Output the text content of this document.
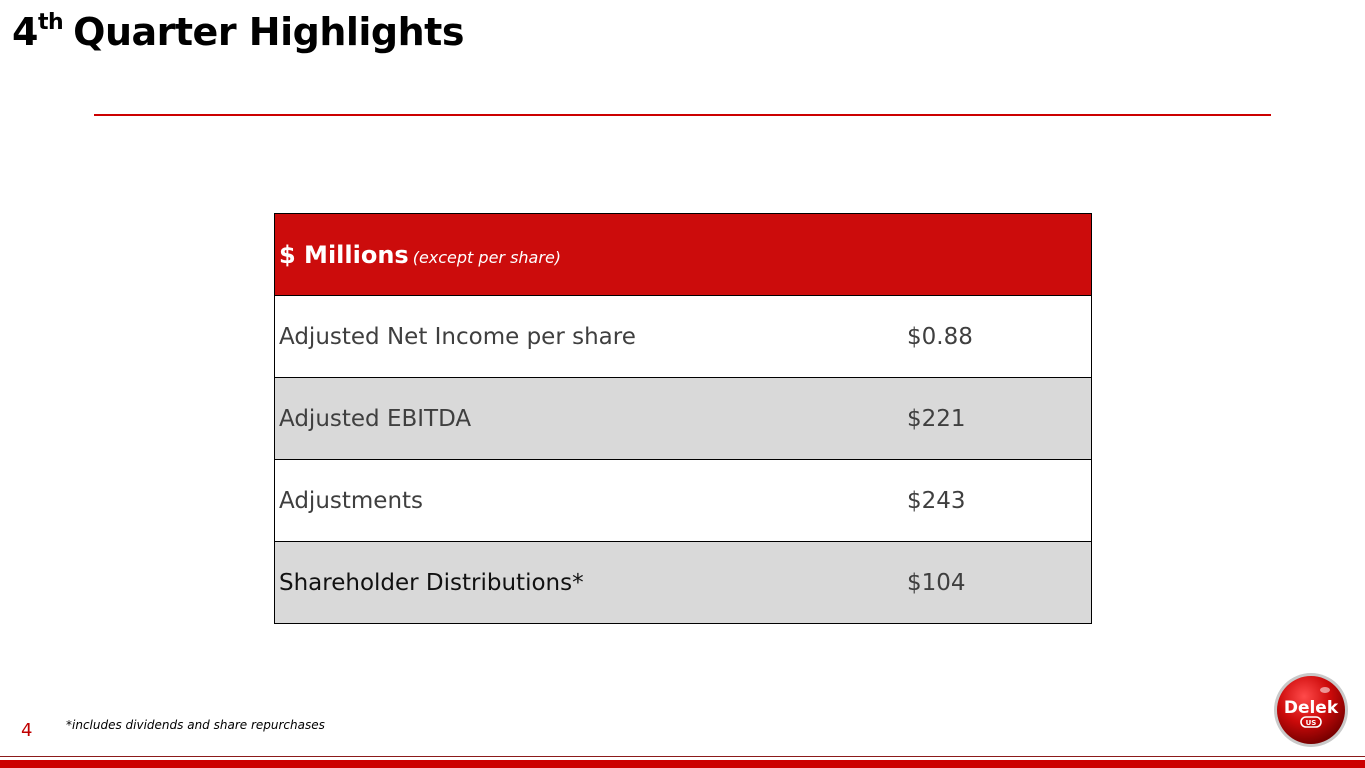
4th Quarter Highlights
$ Millions (except per share)
Adjusted Net Income per share	$0.88
Adjusted EBITDA	$221
Adjustments	$243
Shareholder Distributions*	$104
4	*includes dividends and share repurchases
Delek
US
